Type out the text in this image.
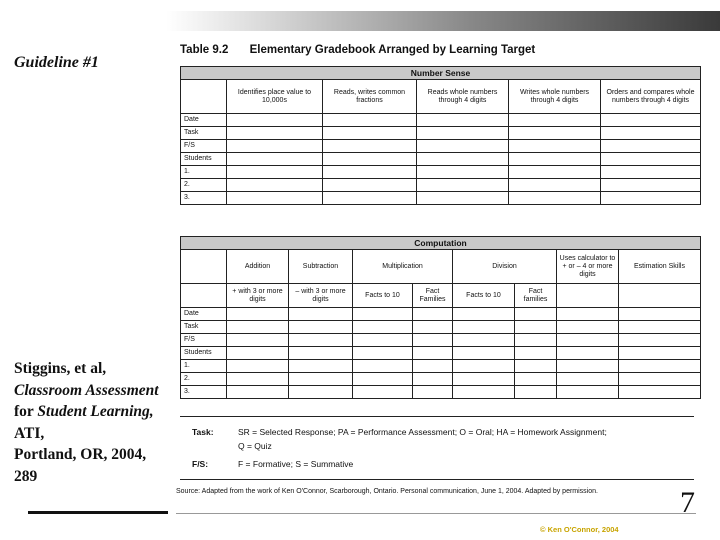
Guideline #1
Stiggins, et al,
Classroom Assessment
for Student Learning, ATI,
Portland, OR, 2004, 289
Table 9.2 Elementary Gradebook Arranged by Learning Target
Number Sense					
	Identifies place value to 10,000s	Reads, writes common fractions	Reads whole numbers through 4 digits	Writes whole numbers through 4 digits	Orders and compares whole numbers through 4 digits
Date					
Task					
F/S					
Students					
1.					
2.					
3.					
Computation								
	Addition	Subtraction	Multiplication		Division		Uses calculator to + or – 4 or more digits	Estimation Skills
	+ with 3 or more digits	– with 3 or more digits	Facts to 10	Fact Families	Facts to 10	Fact families		
Date								
Task								
F/S								
Students								
1.								
2.								
3.								
Task:	SR = Selected Response; PA = Performance Assessment; O = Oral; HA = Homework Assignment;
Q = Quiz
F/S:	F = Formative; S = Summative
Source: Adapted from the work of Ken O'Connor, Scarborough, Ontario. Personal communication, June 1, 2004. Adapted by permission.	7
© Ken O'Connor, 2004
